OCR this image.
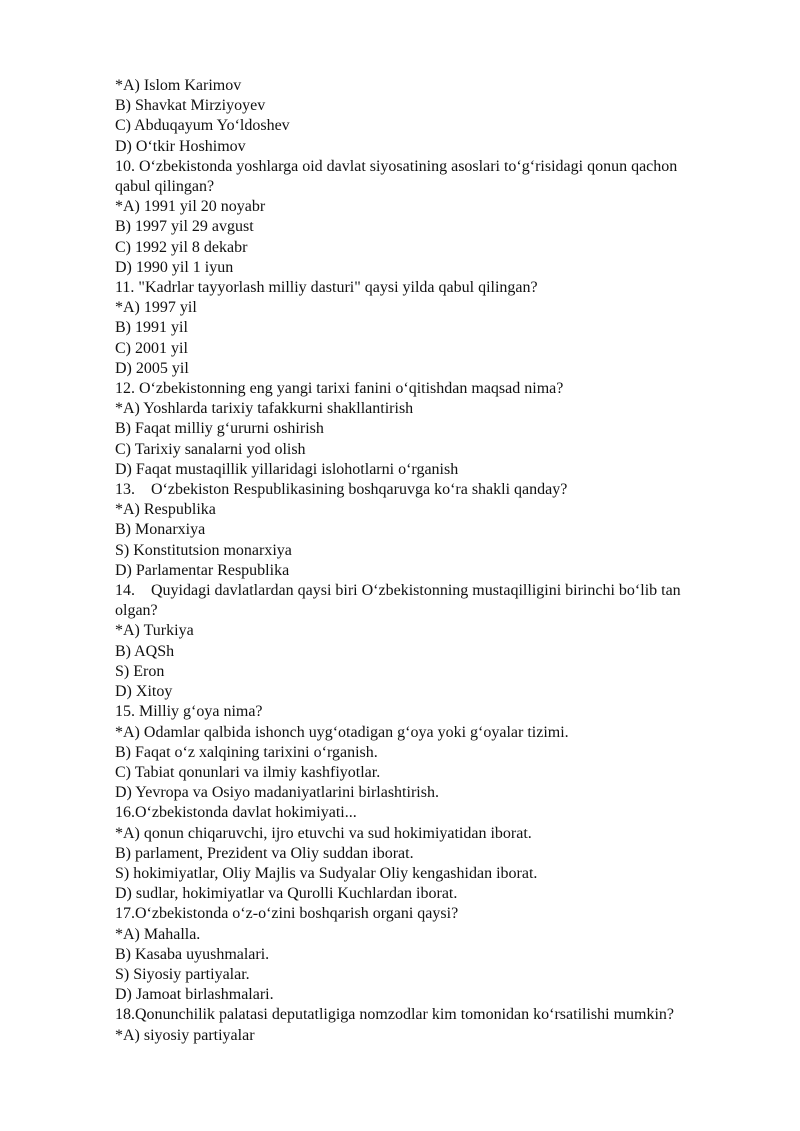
*A) Islom Karimov
B) Shavkat Mirziyoyev
C) Abduqayum Yo‘ldoshev
D) O‘tkir Hoshimov
10. O‘zbekistonda yoshlarga oid davlat siyosatining asoslari to‘g‘risidagi qonun qachon
qabul qilingan?
*A) 1991 yil 20 noyabr
B) 1997 yil 29 avgust
C) 1992 yil 8 dekabr
D) 1990 yil 1 iyun
11. "Kadrlar tayyorlash milliy dasturi" qaysi yilda qabul qilingan?
*A) 1997 yil
B) 1991 yil
C) 2001 yil
D) 2005 yil
12. O‘zbekistonning eng yangi tarixi fanini o‘qitishdan maqsad nima?
*A) Yoshlarda tarixiy tafakkurni shakllantirish
B) Faqat milliy g‘ururni oshirish
C) Tarixiy sanalarni yod olish
D) Faqat mustaqillik yillaridagi islohotlarni o‘rganish
13.    O‘zbekiston Respublikasining boshqaruvga ko‘ra shakli qanday?
*A) Respublika
B) Monarxiya
S) Konstitutsion monarxiya
D) Parlamentar Respublika
14.    Quyidagi davlatlardan qaysi biri O‘zbekistonning mustaqilligini birinchi bo‘lib tan
olgan?
*A) Turkiya
B) AQSh
S) Eron
D) Xitoy
15. Milliy g‘oya nima?
*A) Odamlar qalbida ishonch uyg‘otadigan g‘oya yoki g‘oyalar tizimi.
B) Faqat o‘z xalqining tarixini o‘rganish.
C) Tabiat qonunlari va ilmiy kashfiyotlar.
D) Yevropa va Osiyo madaniyatlarini birlashtirish.
16.O‘zbekistonda davlat hokimiyati...
*A) qonun chiqaruvchi, ijro etuvchi va sud hokimiyatidan iborat.
B) parlament, Prezident va Oliy suddan iborat.
S) hokimiyatlar, Oliy Majlis va Sudyalar Oliy kengashidan iborat.
D) sudlar, hokimiyatlar va Qurolli Kuchlardan iborat.
17.O‘zbekistonda o‘z-o‘zini boshqarish organi qaysi?
*A) Mahalla.
B) Kasaba uyushmalari.
S) Siyosiy partiyalar.
D) Jamoat birlashmalari.
18.Qonunchilik palatasi deputatligiga nomzodlar kim tomonidan ko‘rsatilishi mumkin?
*A) siyosiy partiyalar
